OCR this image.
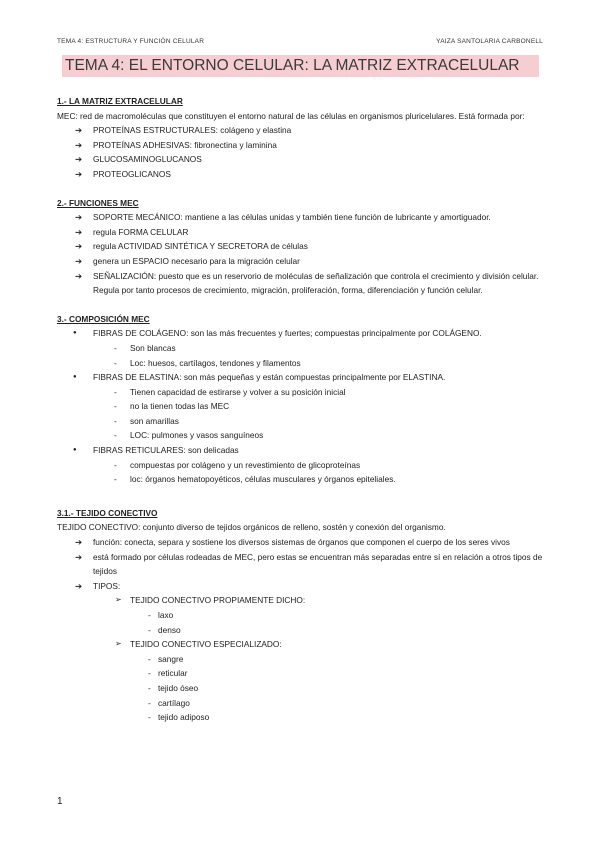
TEMA 4: ESTRUCTURA Y FUNCIÓN CELULAR	YAIZA SANTOLARIA CARBONELL
TEMA 4: EL ENTORNO CELULAR: LA MATRIZ EXTRACELULAR

1.- LA MATRIZ EXTRACELULAR

MEC: red de macromoléculas que constituyen el entorno natural de las células en organismos pluricelulares. Está formada por:

➔ PROTEÍNAS ESTRUCTURALES: colágeno y elastina

➔ PROTEÍNAS ADHESIVAS: fibronectina y laminina

➔ GLUCOSAMINOGLUCANOS

➔ PROTEOGLICANOS

2.- FUNCIONES MEC

➔ SOPORTE MECÁNICO: mantiene a las células unidas y también tiene función de lubricante y amortiguador.

➔ regula FORMA CELULAR

➔ regula ACTIVIDAD SINTÉTICA Y SECRETORA de células

➔ genera un ESPACIO necesario para la migración celular

➔ SEÑALIZACIÓN: puesto que es un reservorio de moléculas de señalización que controla el crecimiento y división celular. Regula por tanto procesos de crecimiento, migración, proliferación, forma, diferenciación y función celular.

3.- COMPOSICIÓN MEC

● FIBRAS DE COLÁGENO: son las más frecuentes y fuertes; compuestas principalmente por COLÁGENO.

- Son blancas

- Loc: huesos, cartílagos, tendones y filamentos

● FIBRAS DE ELASTINA: son más pequeñas y están compuestas principalmente por ELASTINA.

- Tienen capacidad de estirarse y volver a su posición inicial

- no la tienen todas las MEC

- son amarillas

- LOC: pulmones y vasos sanguíneos

● FIBRAS RETICULARES: son delicadas

- compuestas por colágeno y un revestimiento de glicoproteínas

- loc: órganos hematopoyéticos, células musculares y órganos epiteliales.

3.1.- TEJIDO CONECTIVO

TEJIDO CONECTIVO: conjunto diverso de tejidos orgánicos de relleno, sostén y conexión del organismo.

➔ función: conecta, separa y sostiene los diversos sistemas de órganos que componen el cuerpo de los seres vivos

➔ está formado por células rodeadas de MEC, pero estas se encuentran más separadas entre sí en relación a otros tipos de tejidos

➔ TIPOS:

➢ TEJIDO CONECTIVO PROPIAMENTE DICHO:

- laxo

- denso

➢ TEJIDO CONECTIVO ESPECIALIZADO:

- sangre

- reticular

- tejido óseo

- cartílago

- tejido adiposo

1
